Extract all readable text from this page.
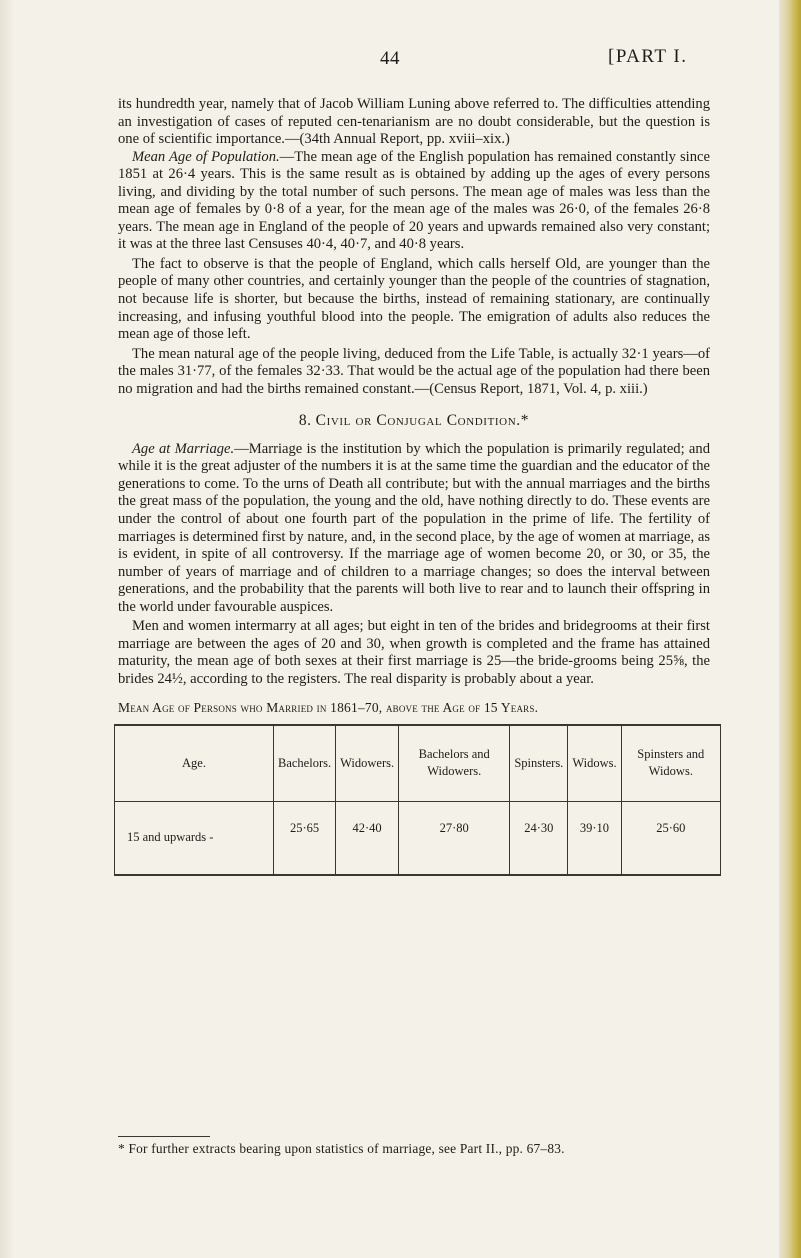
44	[PART I.

its hundredth year, namely that of Jacob William Luning above referred to. The difficulties attending an investigation of cases of reputed cen-tenarianism are no doubt considerable, but the question is one of scientific importance.—(34th Annual Report, pp. xviii–xix.)

Mean Age of Population.—The mean age of the English population has remained constantly since 1851 at 26·4 years. This is the same result as is obtained by adding up the ages of every persons living, and dividing by the total number of such persons. The mean age of males was less than the mean age of females by 0·8 of a year, for the mean age of the males was 26·0, of the females 26·8 years. The mean age in England of the people of 20 years and upwards remained also very constant; it was at the three last Censuses 40·4, 40·7, and 40·8 years.

The fact to observe is that the people of England, which calls herself Old, are younger than the people of many other countries, and certainly younger than the people of the countries of stagnation, not because life is shorter, but because the births, instead of remaining stationary, are continually increasing, and infusing youthful blood into the people. The emigration of adults also reduces the mean age of those left.

The mean natural age of the people living, deduced from the Life Table, is actually 32·1 years—of the males 31·77, of the females 32·33. That would be the actual age of the population had there been no migration and had the births remained constant.—(Census Report, 1871, Vol. 4, p. xiii.)

8. Civil or Conjugal Condition.*

Age at Marriage.—Marriage is the institution by which the population is primarily regulated; and while it is the great adjuster of the numbers it is at the same time the guardian and the educator of the generations to come. To the urns of Death all contribute; but with the annual marriages and the births the great mass of the population, the young and the old, have nothing directly to do. These events are under the control of about one fourth part of the population in the prime of life. The fertility of marriages is determined first by nature, and, in the second place, by the age of women at marriage, as is evident, in spite of all controversy. If the marriage age of women become 20, or 30, or 35, the number of years of marriage and of children to a marriage changes; so does the interval between generations, and the probability that the parents will both live to rear and to launch their offspring in the world under favourable auspices.

Men and women intermarry at all ages; but eight in ten of the brides and bridegrooms at their first marriage are between the ages of 20 and 30, when growth is completed and the frame has attained maturity, the mean age of both sexes at their first marriage is 25—the bride-grooms being 25⅝, the brides 24½, according to the registers. The real disparity is probably about a year.

Mean Age of Persons who Married in 1861–70, above the Age of 15 Years.
Age.	Bachelors.	Widowers.	Bachelors and Widowers.	Spinsters.	Widows.	Spinsters and Widows.
15 and upwards -	25·65	42·40	27·80	24·30	39·10	25·60
* For further extracts bearing upon statistics of marriage, see Part II., pp. 67–83.
